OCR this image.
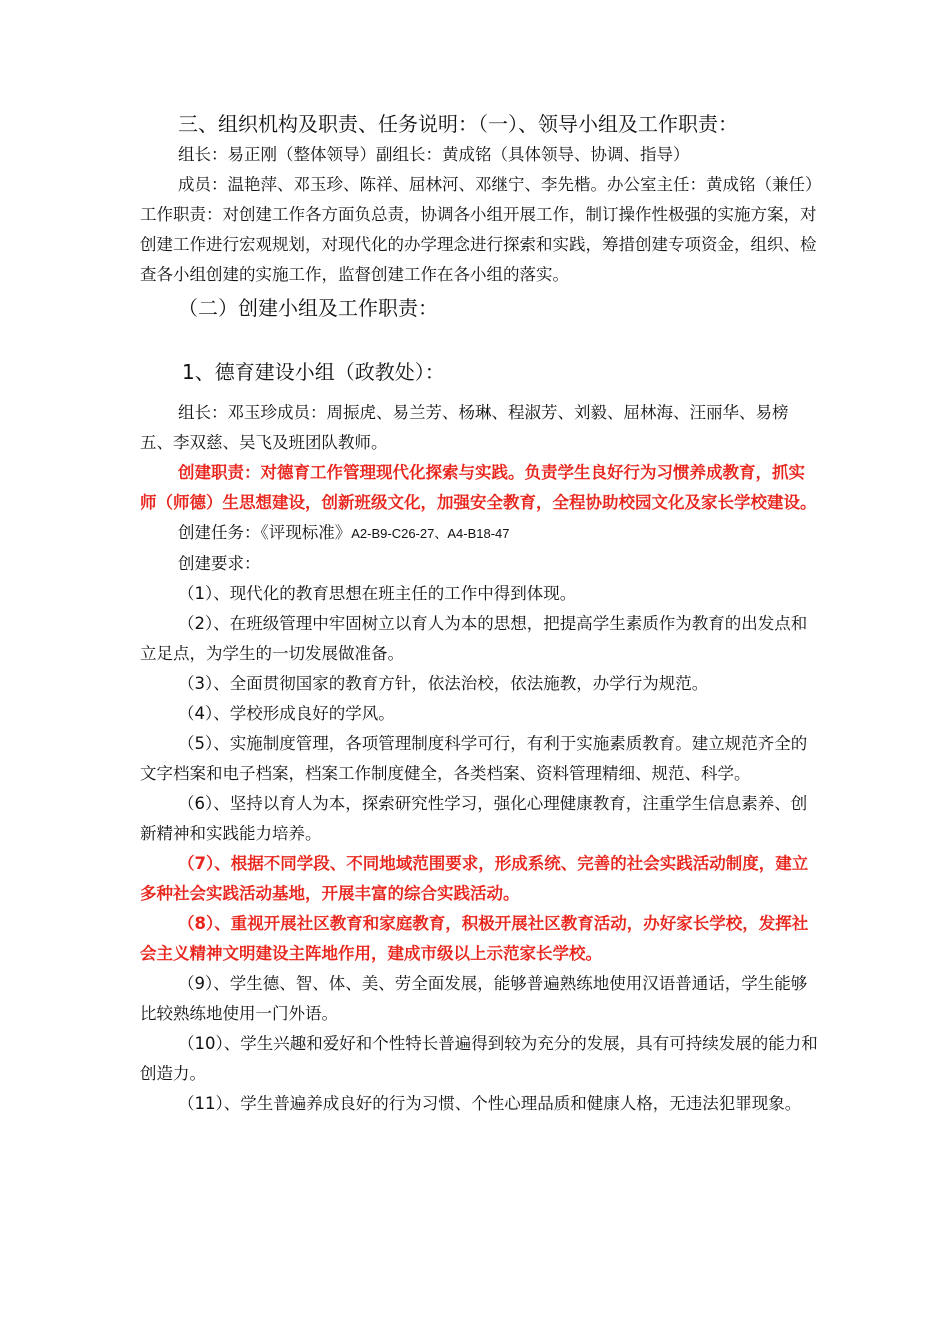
三、组织机构及职责、任务说明：（一）、领导小组及工作职责：

组长：易正刚（整体领导）副组长：黄成铭（具体领导、协调、指导）

成员：温艳萍、邓玉珍、陈祥、屈林河、邓继宁、李先楷。办公室主任：黄成铭（兼任）工作职责：对创建工作各方面负总责，协调各小组开展工作，制订操作性极强的实施方案，对创建工作进行宏观规划，对现代化的办学理念进行探索和实践，筹措创建专项资金，组织、检查各小组创建的实施工作，监督创建工作在各小组的落实。

（二）创建小组及工作职责：
1、德育建设小组（政教处）：

组长：邓玉珍成员：周振虎、易兰芳、杨琳、程淑芳、刘毅、屈林海、汪丽华、易榜五、李双慈、吴飞及班团队教师。

创建职责：对德育工作管理现代化探索与实践。负责学生良好行为习惯养成教育，抓实师（师德）生思想建设，创新班级文化，加强安全教育，全程协助校园文化及家长学校建设。

创建任务：《评现标准》A2-B9-C26-27、A4-B18-47

创建要求：

（1）、现代化的教育思想在班主任的工作中得到体现。

（2）、在班级管理中牢固树立以育人为本的思想，把提高学生素质作为教育的出发点和立足点，为学生的一切发展做准备。

（3）、全面贯彻国家的教育方针，依法治校，依法施教，办学行为规范。

（4）、学校形成良好的学风。

（5）、实施制度管理，各项管理制度科学可行，有利于实施素质教育。建立规范齐全的文字档案和电子档案，档案工作制度健全，各类档案、资料管理精细、规范、科学。

（6）、坚持以育人为本，探索研究性学习，强化心理健康教育，注重学生信息素养、创新精神和实践能力培养。

（7）、根据不同学段、不同地域范围要求，形成系统、完善的社会实践活动制度，建立多种社会实践活动基地，开展丰富的综合实践活动。

（8）、重视开展社区教育和家庭教育，积极开展社区教育活动，办好家长学校，发挥社会主义精神文明建设主阵地作用，建成市级以上示范家长学校。

（9）、学生德、智、体、美、劳全面发展，能够普遍熟练地使用汉语普通话，学生能够比较熟练地使用一门外语。

（10）、学生兴趣和爱好和个性特长普遍得到较为充分的发展，具有可持续发展的能力和创造力。

（11）、学生普遍养成良好的行为习惯、个性心理品质和健康人格，无违法犯罪现象。
